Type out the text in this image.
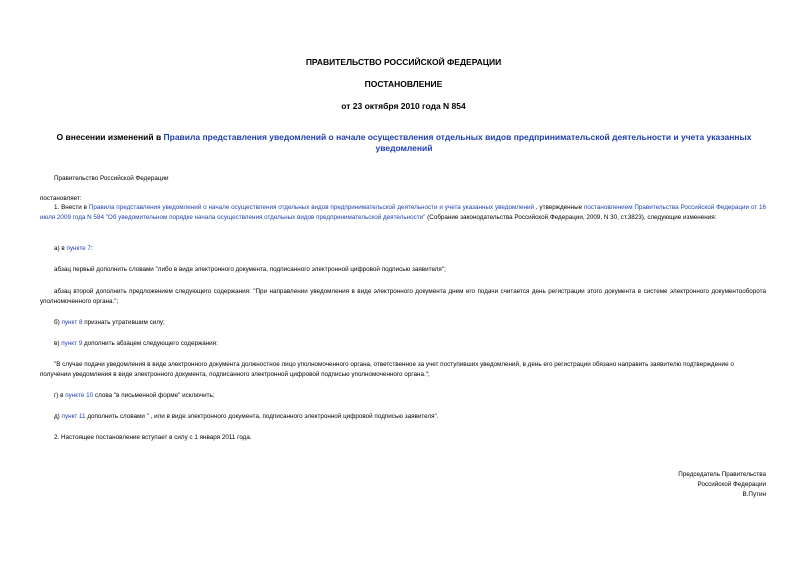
ПРАВИТЕЛЬСТВО РОССИЙСКОЙ ФЕДЕРАЦИИ
ПОСТАНОВЛЕНИЕ
от 23 октября 2010 года N 854
О внесении изменений в Правила представления уведомлений о начале осуществления отдельных видов предпринимательской деятельности и учета указанных уведомлений

Правительство Российской Федерации

постановляет:

1. Внести в Правила представления уведомлений о начале осуществления отдельных видов предпринимательской деятельности и учета указанных уведомлений , утвержденные постановлением Правительства Российской Федерации от 16 июля 2009 года N 584 "Об уведомительном порядке начала осуществления отдельных видов предпринимательской деятельности" (Собрание законодательства Российской Федерации, 2009, N 30, ст.3823), следующие изменения:

а) в пункте 7:

абзац первый дополнить словами "либо в виде электронного документа, подписанного электронной цифровой подписью заявителя";

абзац второй дополнить предложением следующего содержания: "При направлении уведомления в виде электронного документа днем его подачи считается день регистрации этого документа в системе электронного документооборота уполномоченного органа.";

б) пункт 8 признать утратившим силу;

в) пункт 9 дополнить абзацем следующего содержания:

"В случае подачи уведомления в виде электронного документа должностное лицо уполномоченного органа, ответственное за учет поступивших уведомлений, в день его регистрации обязано направить заявителю подтверждение о получении уведомления в виде электронного документа, подписанного электронной цифровой подписью уполномоченного органа.";

г) в пункте 10 слова "в письменной форме" исключить;

д) пункт 11 дополнить словами " , или в виде электронного документа, подписанного электронной цифровой подписью заявителя".

2. Настоящее постановление вступает в силу с 1 января 2011 года.

Председатель Правительства
Российской Федерации
В.Путин
